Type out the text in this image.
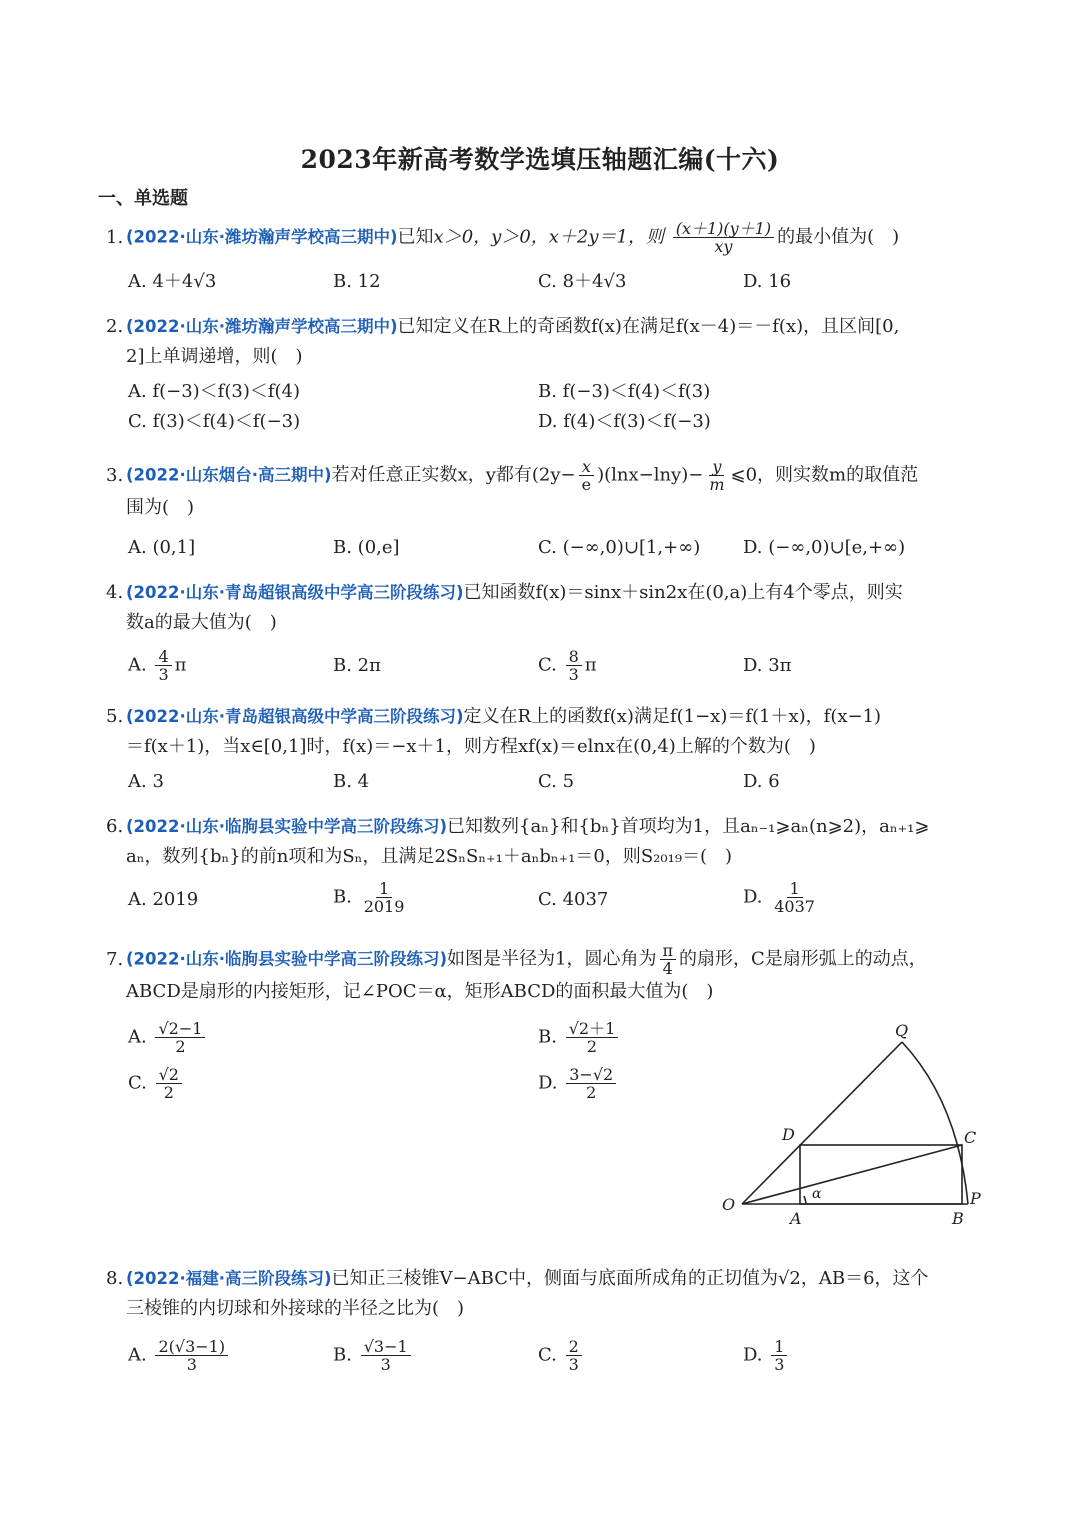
2023年新高考数学选填压轴题汇编(十六)
一、单选题
1. (2022·山东·潍坊瀚声学校高三期中)已知x＞0，y＞0，x＋2y＝1，则 $\frac{(x+1)(y+1)}{xy}$ 的最小值为(　)
A. 4＋4√3	B. 12	C. 8＋4√3	D. 16
2. (2022·山东·潍坊瀚声学校高三期中)已知定义在R上的奇函数f(x)在满足f(x－4)＝－f(x)，且区间[0,
2]上单调递增，则(　)
A. f(−3)＜f(3)＜f(4)	B. f(−3)＜f(4)＜f(3)
C. f(3)＜f(4)＜f(−3)	D. f(4)＜f(3)＜f(−3)
3. (2022·山东烟台·高三期中)若对任意正实数x，y都有$(2y- \frac{x}{e} )(\ln x-\ln y)- \frac{y}{m}$ ⩽0，则实数m的取值范
围为(　)
A. (0,1]	B. (0,e]	C. (−∞,0)∪[1,+∞) D. (−∞,0)∪[e,+∞)
4. (2022·山东·青岛超银高级中学高三阶段练习)已知函数f(x)＝sinx＋sin2x在(0,a)上有4个零点，则实
数a的最大值为(　)
A. $\frac{4}{3}$ π	B. 2π	C. $\frac{8}{3}$ π	D. 3π
5. (2022·山东·青岛超银高级中学高三阶段练习)定义在R上的函数f(x)满足f(1−x)＝f(1＋x)，f(x−1)
＝f(x＋1)，当x∈[0,1]时，f(x)＝−x＋1，则方程xf(x)＝elnx在(0,4)上解的个数为(　)
A. 3	B. 4	C. 5	D. 6
6. (2022·山东·临朐县实验中学高三阶段练习)已知数列{aₙ}和{bₙ}首项均为1，且aₙ₋₁⩾aₙ(n⩾2)，aₙ₊₁⩾
aₙ，数列{bₙ}的前n项和为Sₙ，且满足2SₙSₙ₊₁＋aₙbₙ₊₁＝0，则S₂₀₁₉＝(　)
A. 2019	B. $\frac{1}{2019}$	C. 4037	D. $\frac{1}{4037}$
7. (2022·山东·临朐县实验中学高三阶段练习)如图是半径为1，圆心角为 $\frac{\pi}{4}$ 的扇形，C是扇形弧上的动点，
ABCD是扇形的内接矩形，记∠POC＝α，矩形ABCD的面积最大值为(　)
A. $\frac{√2-1}{2}$	B. $\frac{√2+1}{2}$
C. $\frac{√2}{2}$	D. $\frac{3-√2}{2}$
Q
D	C
O
A	B
P
α
8. (2022·福建·高三阶段练习)已知正三棱锥V−ABC中，侧面与底面所成角的正切值为√2，AB＝6，这个
三棱锥的内切球和外接球的半径之比为(　)
A. $\frac{2(√3-1)}{3}$	B. $\frac{√3-1}{3}$	C. $\frac{2}{3}$	D. $\frac{1}{3}$
